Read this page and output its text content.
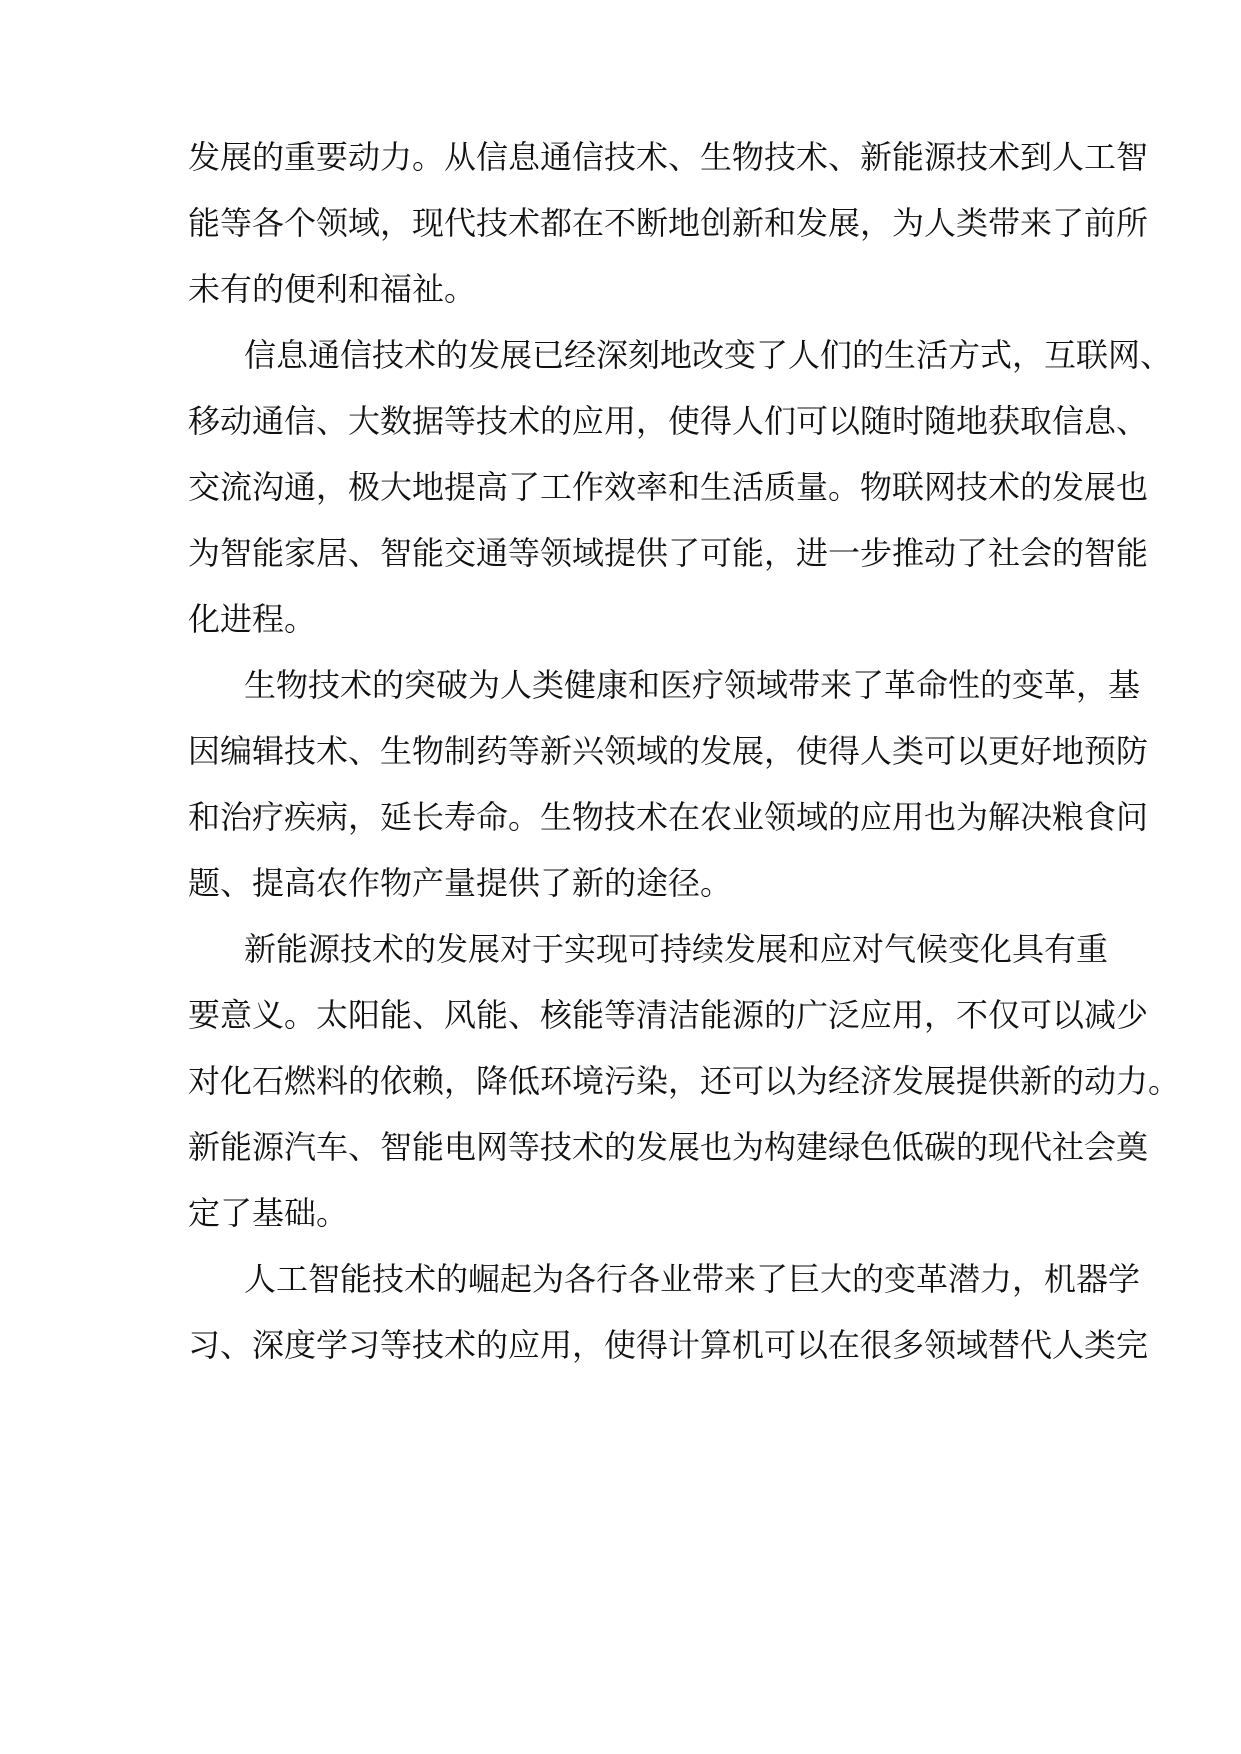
发展的重要动力。从信息通信技术、生物技术、新能源技术到人工智
能等各个领域，现代技术都在不断地创新和发展，为人类带来了前所
未有的便利和福祉。
信息通信技术的发展已经深刻地改变了人们的生活方式，互联网、
移动通信、大数据等技术的应用，使得人们可以随时随地获取信息、
交流沟通，极大地提高了工作效率和生活质量。物联网技术的发展也
为智能家居、智能交通等领域提供了可能，进一步推动了社会的智能
化进程。
生物技术的突破为人类健康和医疗领域带来了革命性的变革，基
因编辑技术、生物制药等新兴领域的发展，使得人类可以更好地预防
和治疗疾病，延长寿命。生物技术在农业领域的应用也为解决粮食问
题、提高农作物产量提供了新的途径。
新能源技术的发展对于实现可持续发展和应对气候变化具有重
要意义。太阳能、风能、核能等清洁能源的广泛应用，不仅可以减少
对化石燃料的依赖，降低环境污染，还可以为经济发展提供新的动力。
新能源汽车、智能电网等技术的发展也为构建绿色低碳的现代社会奠
定了基础。
人工智能技术的崛起为各行各业带来了巨大的变革潜力，机器学
习、深度学习等技术的应用，使得计算机可以在很多领域替代人类完
